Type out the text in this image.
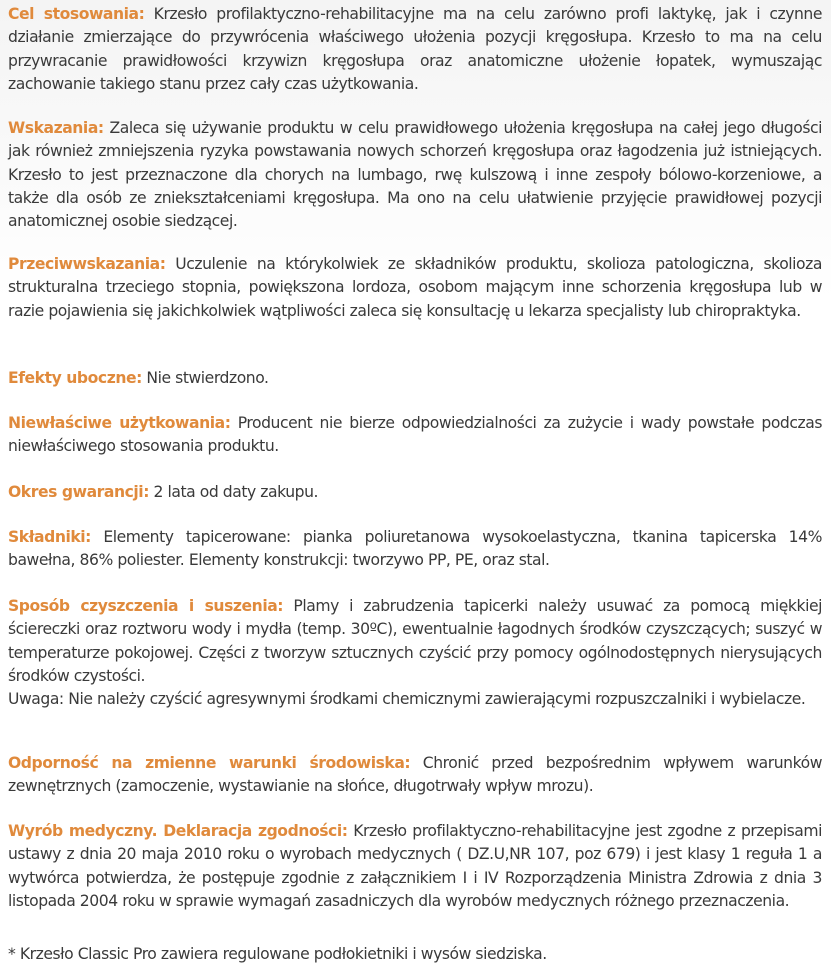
Cel stosowania: Krzesło profilaktyczno-rehabilitacyjne ma na celu zarówno profi laktykę, jak i czynne działanie zmierzające do przywrócenia właściwego ułożenia pozycji kręgosłupa. Krzesło to ma na celu przywracanie prawidłowości krzywizn kręgosłupa oraz anatomiczne ułożenie łopatek, wymuszając zachowanie takiego stanu przez cały czas użytkowania.

Wskazania: Zaleca się używanie produktu w celu prawidłowego ułożenia kręgosłupa na całej jego długości jak również zmniejszenia ryzyka powstawania nowych schorzeń kręgosłupa oraz łagodzenia już istniejących. Krzesło to jest przeznaczone dla chorych na lumbago, rwę kulszową i inne zespoły bólowo-korzeniowe, a także dla osób ze zniekształceniami kręgosłupa. Ma ono na celu ułatwienie przyjęcie prawidłowej pozycji anatomicznej osobie siedzącej.

Przeciwwskazania: Uczulenie na którykolwiek ze składników produktu, skolioza patologiczna, skolioza strukturalna trzeciego stopnia, powiększona lordoza, osobom mającym inne schorzenia kręgosłupa lub w razie pojawienia się jakichkolwiek wątpliwości zaleca się konsultację u lekarza specjalisty lub chiropraktyka.

Efekty uboczne: Nie stwierdzono.

Niewłaściwe użytkowania: Producent nie bierze odpowiedzialności za zużycie i wady powstałe podczas niewłaściwego stosowania produktu.

Okres gwarancji: 2 lata od daty zakupu.

Składniki: Elementy tapicerowane: pianka poliuretanowa wysokoelastyczna, tkanina tapicerska 14% bawełna, 86% poliester. Elementy konstrukcji: tworzywo PP, PE, oraz stal.

Sposób czyszczenia i suszenia: Plamy i zabrudzenia tapicerki należy usuwać za pomocą miękkiej ściereczki oraz roztworu wody i mydła (temp. 30ºC), ewentualnie łagodnych środków czyszczących; suszyć w temperaturze pokojowej. Części z tworzyw sztucznych czyścić przy pomocy ogólnodostępnych nierysujących środków czystości.
Uwaga: Nie należy czyścić agresywnymi środkami chemicznymi zawierającymi rozpuszczalniki i wybielacze.

Odporność na zmienne warunki środowiska: Chronić przed bezpośrednim wpływem warunków zewnętrznych (zamoczenie, wystawianie na słońce, długotrwały wpływ mrozu).

Wyrób medyczny. Deklaracja zgodności: Krzesło profilaktyczno-rehabilitacyjne jest zgodne z przepisami ustawy z dnia 20 maja 2010 roku o wyrobach medycznych ( DZ.U,NR 107, poz 679) i jest klasy 1 reguła 1 a wytwórca potwierdza, że postępuje zgodnie z załącznikiem I i IV Rozporządzenia Ministra Zdrowia z dnia 3 listopada 2004 roku w sprawie wymagań zasadniczych dla wyrobów medycznych różnego przeznaczenia.

* Krzesło Classic Pro zawiera regulowane podłokietniki i wysów siedziska.
